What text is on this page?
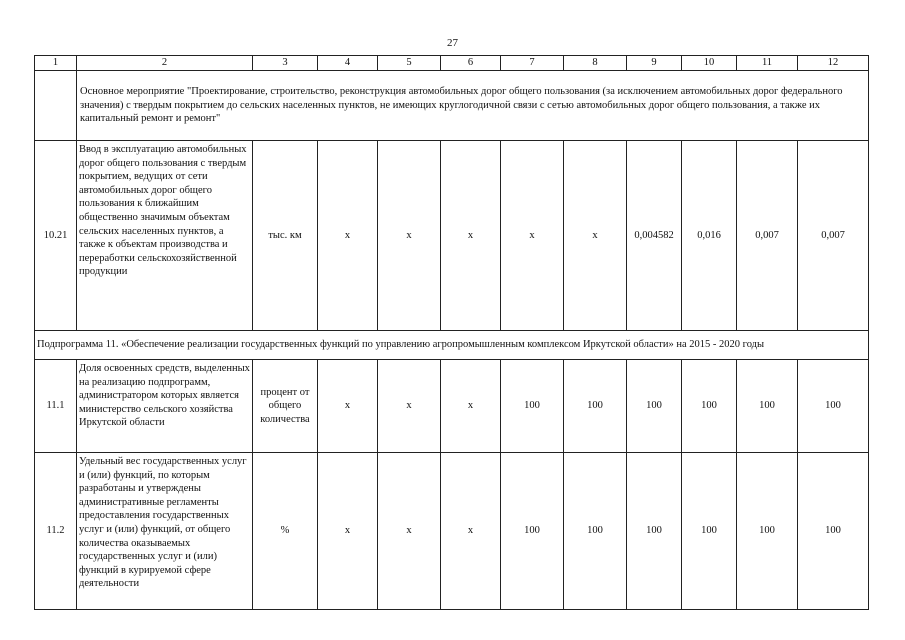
27
1	2	3	4	5	6	7	8	9	10	11	12
	Основное мероприятие "Проектирование, строительство, реконструкция автомобильных дорог общего пользования (за исключением автомобильных дорог федерального значения) с твердым покрытием до сельских населенных пунктов, не имеющих круглогодичной связи с сетью автомобильных дорог общего пользования, а также их капитальный ремонт и ремонт"										
10.21	Ввод в эксплуатацию автомобильных дорог общего пользования с твердым покрытием, ведущих от сети автомобильных дорог общего пользования к ближайшим общественно значимым объектам сельских населенных пунктов, а также к объектам производства и переработки сельскохозяйственной продукции	тыс. км	x	x	x	x	x	0,004582	0,016	0,007	0,007
Подпрограмма 11. «Обеспечение реализации государственных функций по управлению агропромышленным комплексом Иркутской области» на 2015 - 2020 годы											
11.1	Доля освоенных средств, выделенных на реализацию подпрограмм, администратором которых является министерство сельского хозяйства Иркутской области	процент от общего количества	x	x	x	100	100	100	100	100	100
11.2	Удельный вес государственных услуг и (или) функций, по которым разработаны и утверждены административные регламенты предоставления государственных услуг и (или) функций, от общего количества оказываемых государственных услуг и (или) функций в курируемой сфере деятельности	%	x	x	x	100	100	100	100	100	100
